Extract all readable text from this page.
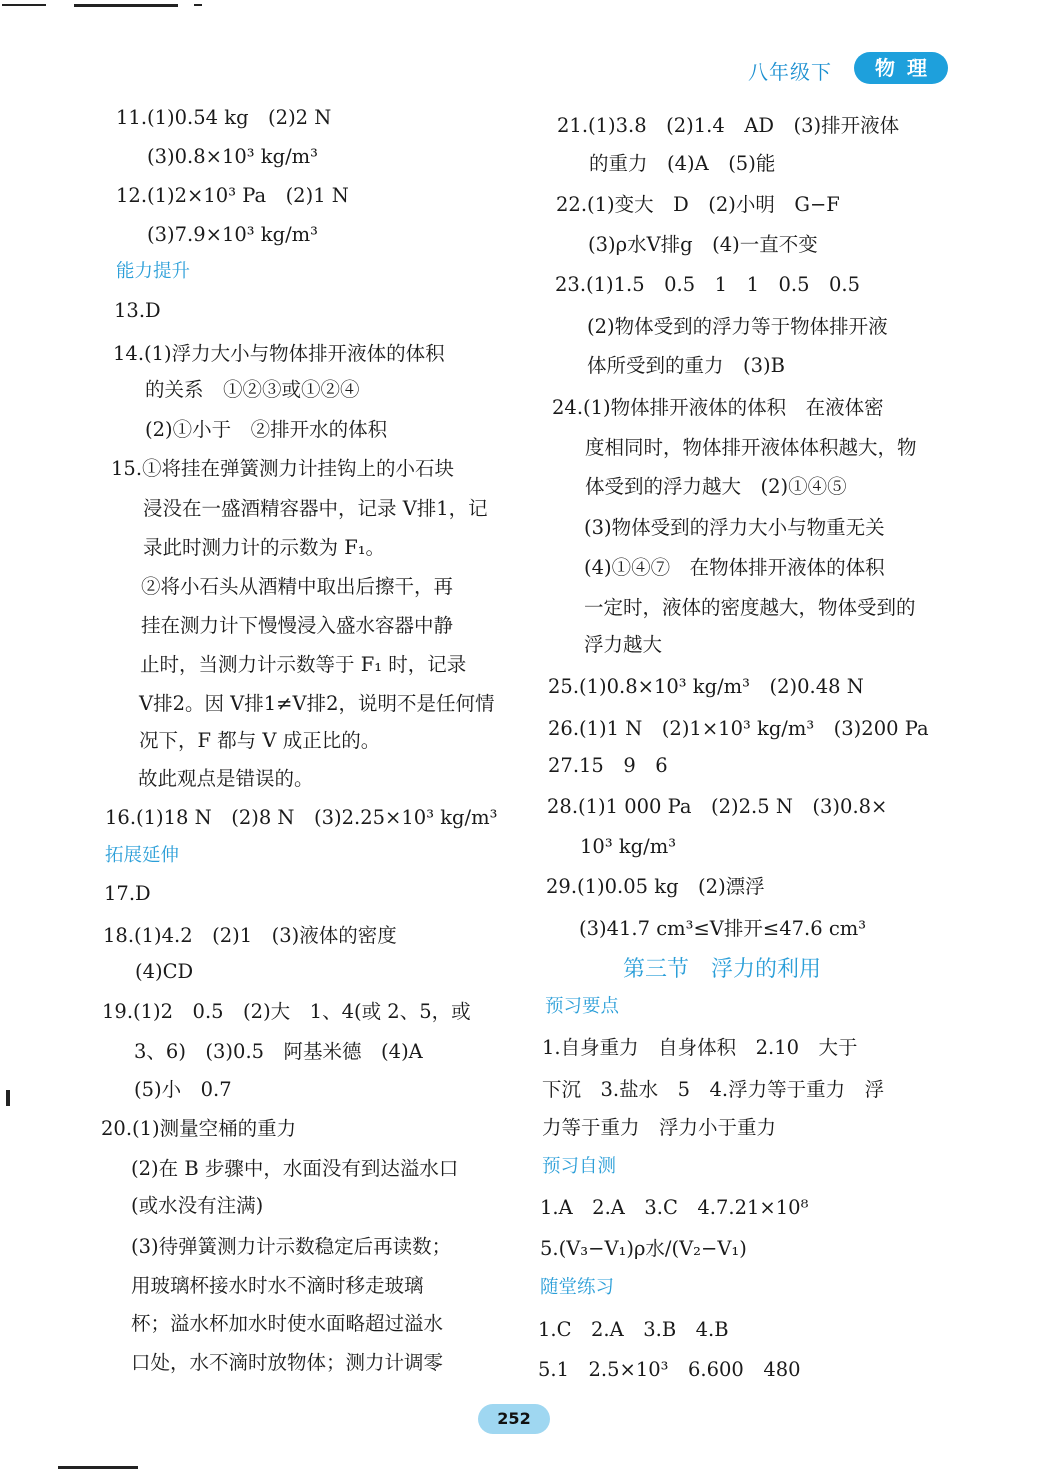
八年级下	物理
11.(1)0.54 kg　(2)2 N
(3)0.8×10³ kg/m³
12.(1)2×10³ Pa　(2)1 N
(3)7.9×10³ kg/m³
能力提升
13.D
14.(1)浮力大小与物体排开液体的体积
的关系　①②③或①②④
(2)①小于　②排开水的体积
15.①将挂在弹簧测力计挂钩上的小石块
浸没在一盛酒精容器中，记录 V排1，记
录此时测力计的示数为 F₁。
②将小石头从酒精中取出后擦干，再
挂在测力计下慢慢浸入盛水容器中静
止时，当测力计示数等于 F₁ 时，记录
V排2。因 V排1≠V排2，说明不是任何情
况下，F 都与 V 成正比的。
故此观点是错误的。
16.(1)18 N　(2)8 N　(3)2.25×10³ kg/m³
拓展延伸
17.D
18.(1)4.2　(2)1　(3)液体的密度
(4)CD
19.(1)2　0.5　(2)大　1、4(或 2、5，或
3、6)　(3)0.5　阿基米德　(4)A
(5)小　0.7
20.(1)测量空桶的重力
(2)在 B 步骤中，水面没有到达溢水口
(或水没有注满)
(3)待弹簧测力计示数稳定后再读数；
用玻璃杯接水时水不滴时移走玻璃
杯；溢水杯加水时使水面略超过溢水
口处，水不滴时放物体；测力计调零
21.(1)3.8　(2)1.4　AD　(3)排开液体
的重力　(4)A　(5)能
22.(1)变大　D　(2)小明　G−F
(3)ρ水V排g　(4)一直不变
23.(1)1.5　0.5　1　1　0.5　0.5
(2)物体受到的浮力等于物体排开液
体所受到的重力　(3)B
24.(1)物体排开液体的体积　在液体密
度相同时，物体排开液体体积越大，物
体受到的浮力越大　(2)①④⑤
(3)物体受到的浮力大小与物重无关
(4)①④⑦　在物体排开液体的体积
一定时，液体的密度越大，物体受到的
浮力越大
25.(1)0.8×10³ kg/m³　(2)0.48 N
26.(1)1 N　(2)1×10³ kg/m³　(3)200 Pa
27.15　9　6
28.(1)1 000 Pa　(2)2.5 N　(3)0.8×
10³ kg/m³
29.(1)0.05 kg　(2)漂浮
(3)41.7 cm³≤V排开≤47.6 cm³
第三节　浮力的利用
预习要点
1.自身重力　自身体积　2.10　大于
下沉　3.盐水　5　4.浮力等于重力　浮
力等于重力　浮力小于重力
预习自测
1.A　2.A　3.C　4.7.21×10⁸
5.(V₃−V₁)ρ水/(V₂−V₁)
随堂练习
1.C　2.A　3.B　4.B
5.1　2.5×10³　6.600　480
252
